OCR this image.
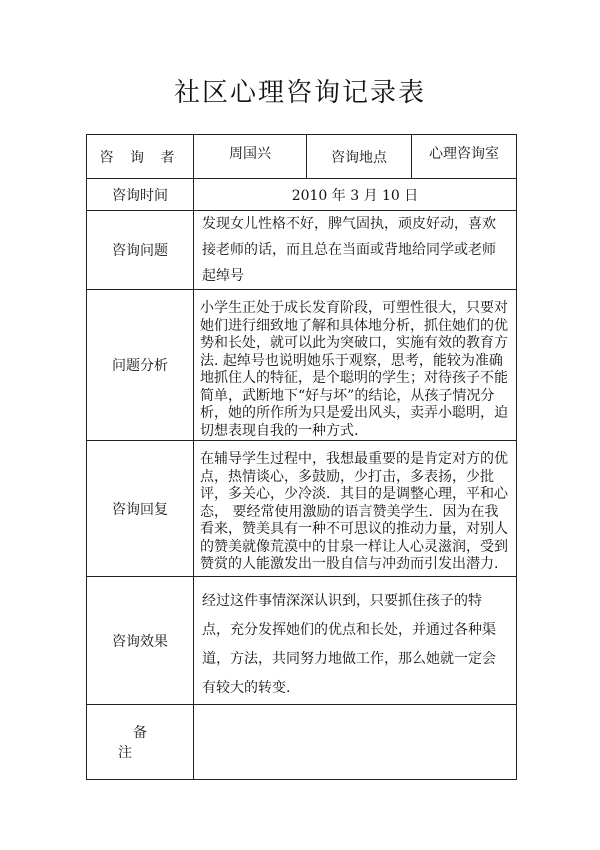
社区心理咨询记录表
咨 询 者	周国兴	咨询地点	心理咨询室
咨询时间	2010 年 3 月 10 日		
咨询问题	发现女儿性格不好，脾气固执，顽皮好动，喜欢接老师的话，而且总在当面或背地给同学或老师起绰号		
问题分析	小学生正处于成长发育阶段，可塑性很大，只要对她们进行细致地了解和具体地分析，抓住她们的优势和长处，就可以此为突破口，实施有效的教育方法. 起绰号也说明她乐于观察，思考，能较为准确地抓住人的特征，是个聪明的学生；对待孩子不能简单，武断地下“好与坏”的结论，从孩子情况分析，她的所作所为只是爱出风头，卖弄小聪明，迫切想表现自我的一种方式.		
咨询回复	在辅导学生过程中，我想最重要的是肯定对方的优点，热情谈心，多鼓励，少打击，多表扬，少批评，多关心，少冷淡．其目的是调整心理，平和心态， 要经常使用激励的语言赞美学生．因为在我看来，赞美具有一种不可思议的推动力量，对别人的赞美就像荒漠中的甘泉一样让人心灵滋润，受到赞赏的人能激发出一股自信与冲劲而引发出潜力.		
咨询效果	经过这件事情深深认识到，只要抓住孩子的特点，充分发挥她们的优点和长处，并通过各种渠道，方法，共同努力地做工作，那么她就一定会有较大的转变.		
备 注			
